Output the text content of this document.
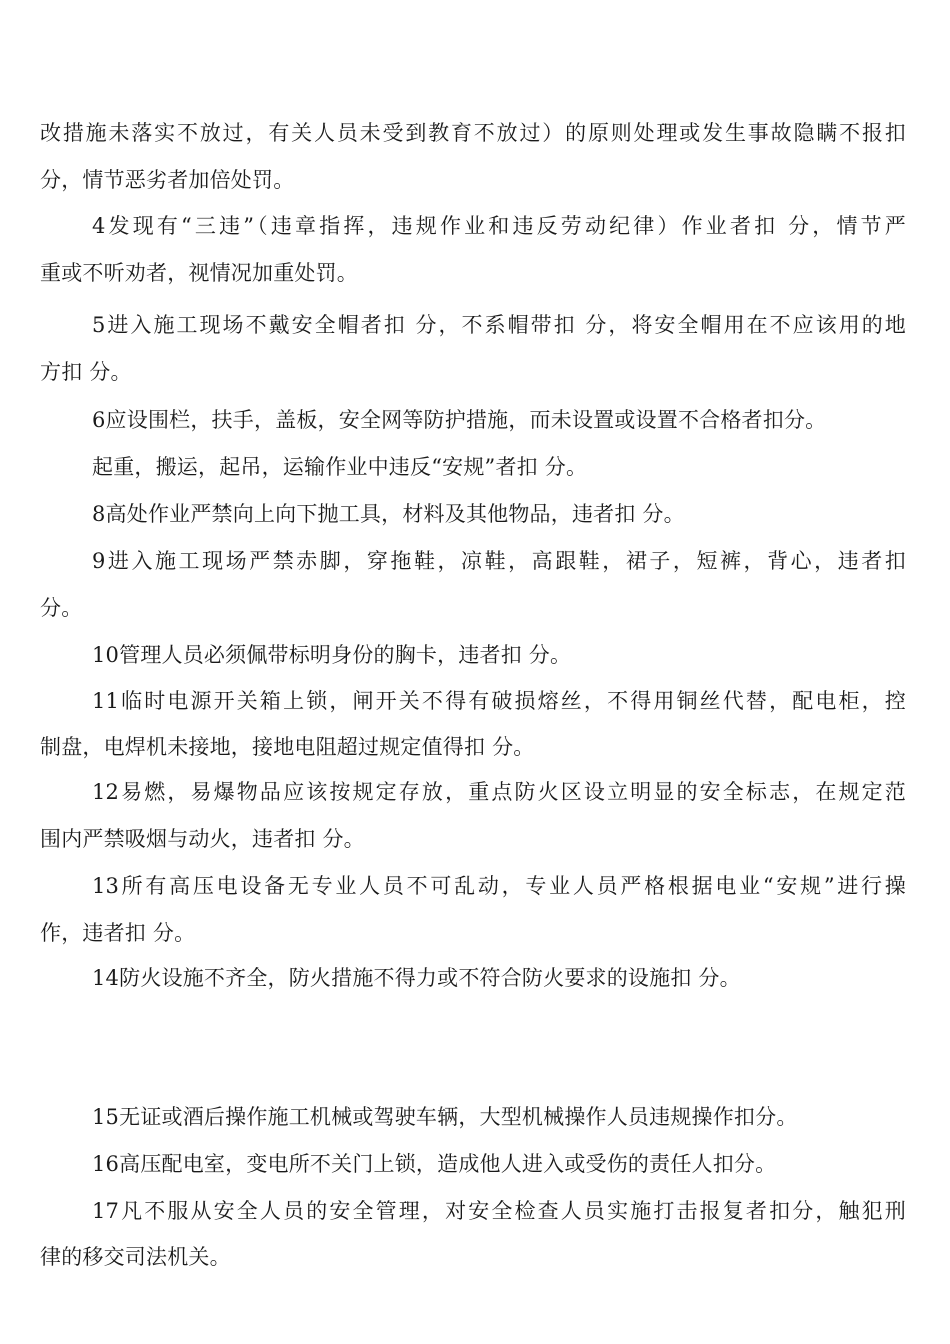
改措施未落实不放过，有关人员未受到教育不放过）的原则处理或发生事故隐瞒不报扣
分，情节恶劣者加倍处罚。
4发现有“三违”（违章指挥，违规作业和违反劳动纪律）作业者扣 分，情节严
重或不听劝者，视情况加重处罚。
5进入施工现场不戴安全帽者扣 分，不系帽带扣 分，将安全帽用在不应该用的地
方扣 分。
6应设围栏，扶手，盖板，安全网等防护措施，而未设置或设置不合格者扣分。
起重，搬运，起吊，运输作业中违反“安规”者扣 分。
8高处作业严禁向上向下抛工具，材料及其他物品，违者扣 分。
9进入施工现场严禁赤脚，穿拖鞋，凉鞋，高跟鞋，裙子，短裤，背心，违者扣
分。
10管理人员必须佩带标明身份的胸卡，违者扣 分。
11临时电源开关箱上锁，闸开关不得有破损熔丝，不得用铜丝代替，配电柜，控
制盘，电焊机未接地，接地电阻超过规定值得扣 分。
12易燃，易爆物品应该按规定存放，重点防火区设立明显的安全标志，在规定范
围内严禁吸烟与动火，违者扣 分。
13所有高压电设备无专业人员不可乱动，专业人员严格根据电业“安规”进行操
作，违者扣 分。
14防火设施不齐全，防火措施不得力或不符合防火要求的设施扣 分。
15无证或酒后操作施工机械或驾驶车辆，大型机械操作人员违规操作扣分。
16高压配电室，变电所不关门上锁，造成他人进入或受伤的责任人扣分。
17凡不服从安全人员的安全管理，对安全检查人员实施打击报复者扣分，触犯刑
律的移交司法机关。
